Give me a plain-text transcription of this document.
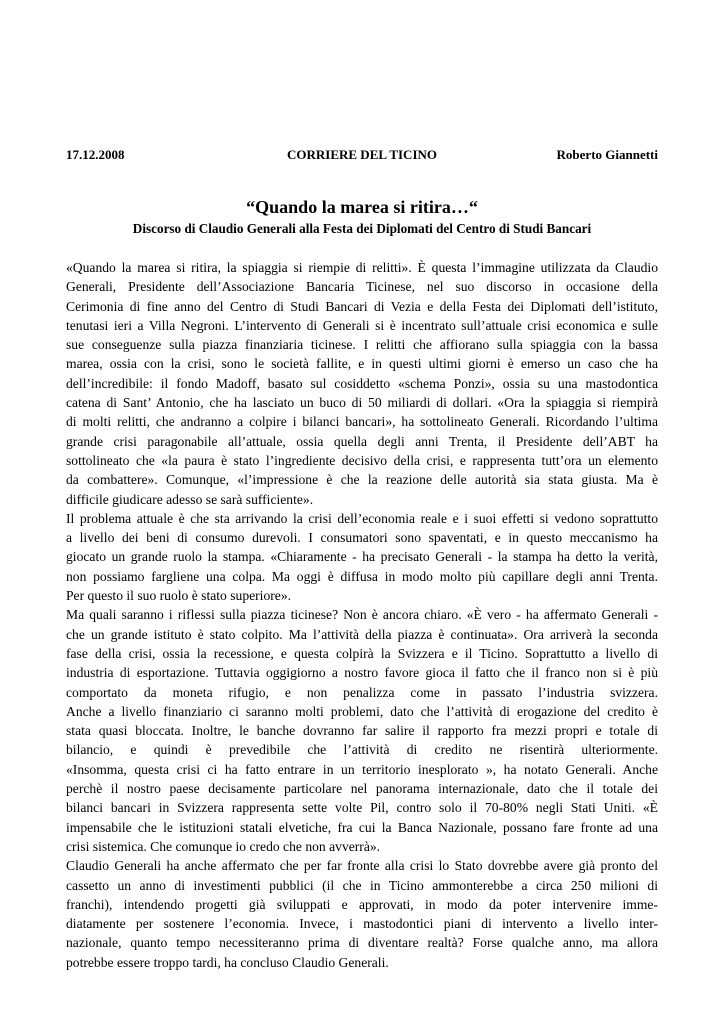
17.12.2008	CORRIERE DEL TICINO	Roberto Giannetti
“Quando la marea si ritira…“
Discorso di Claudio Generali alla Festa dei Diplomati del Centro di Studi Bancari
«Quando la marea si ritira, la spiaggia si riempie di relitti». È questa l’immagine utilizzata da Claudio
Generali, Presidente dell’Associazione Bancaria Ticinese, nel suo discorso in occasione della
Cerimonia di fine anno del Centro di Studi Bancari di Vezia e della Festa dei Diplomati dell’istituto,
tenutasi ieri a Villa Negroni. L’intervento di Generali si è incentrato sull’attuale crisi economica e sulle
sue conseguenze sulla piazza finanziaria ticinese. I relitti che affiorano sulla spiaggia con la bassa
marea, ossia con la crisi, sono le società fallite, e in questi ultimi giorni è emerso un caso che ha
dell’incredibile: il fondo Madoff, basato sul cosiddetto «schema Ponzi», ossia su una mastodontica
catena di Sant’ Antonio, che ha lasciato un buco di 50 miliardi di dollari. «Ora la spiaggia si riempirà
di molti relitti, che andranno a colpire i bilanci bancari», ha sottolineato Generali. Ricordando l’ultima
grande crisi paragonabile all’attuale, ossia quella degli anni Trenta, il Presidente dell’ABT ha
sottolineato che «la paura è stato l’ingrediente decisivo della crisi, e rappresenta tutt’ora un elemento
da combattere». Comunque, «l’impressione è che la reazione delle autorità sia stata giusta. Ma è
difficile giudicare adesso se sarà sufficiente».
Il problema attuale è che sta arrivando la crisi dell’economia reale e i suoi effetti si vedono soprattutto
a livello dei beni di consumo durevoli. I consumatori sono spaventati, e in questo meccanismo ha
giocato un grande ruolo la stampa. «Chiaramente - ha precisato Generali - la stampa ha detto la verità,
non possiamo fargliene una colpa. Ma oggi è diffusa in modo molto più capillare degli anni Trenta.
Per questo il suo ruolo è stato superiore».
Ma quali saranno i riflessi sulla piazza ticinese? Non è ancora chiaro. «È vero - ha affermato Generali -
che un grande istituto è stato colpito. Ma l’attività della piazza è continuata». Ora arriverà la seconda
fase della crisi, ossia la recessione, e questa colpirà la Svizzera e il Ticino. Soprattutto a livello di
industria di esportazione. Tuttavia oggigiorno a nostro favore gioca il fatto che il franco non si è più
comportato da moneta rifugio, e non penalizza come in passato l’industria svizzera.
Anche a livello finanziario ci saranno molti problemi, dato che l’attività di erogazione del credito è
stata quasi bloccata. Inoltre, le banche dovranno far salire il rapporto fra mezzi propri e totale di
bilancio, e quindi è prevedibile che l’attività di credito ne risentirà ulteriormente.
«Insomma, questa crisi ci ha fatto entrare in un territorio inesplorato », ha notato Generali. Anche
perchè il nostro paese decisamente particolare nel panorama internazionale, dato che il totale dei
bilanci bancari in Svizzera rappresenta sette volte Pil, contro solo il 70-80% negli Stati Uniti. «È
impensabile che le istituzioni statali elvetiche, fra cui la Banca Nazionale, possano fare fronte ad una
crisi sistemica. Che comunque io credo che non avverrà».
Claudio Generali ha anche affermato che per far fronte alla crisi lo Stato dovrebbe avere già pronto del
cassetto un anno di investimenti pubblici (il che in Ticino ammonterebbe a circa 250 milioni di
franchi), intendendo progetti già sviluppati e approvati, in modo da poter intervenire imme-
diatamente per sostenere l’economia. Invece, i mastodontici piani di intervento a livello inter-
nazionale, quanto tempo necessiteranno prima di diventare realtà? Forse qualche anno, ma allora
potrebbe essere troppo tardi, ha concluso Claudio Generali.
